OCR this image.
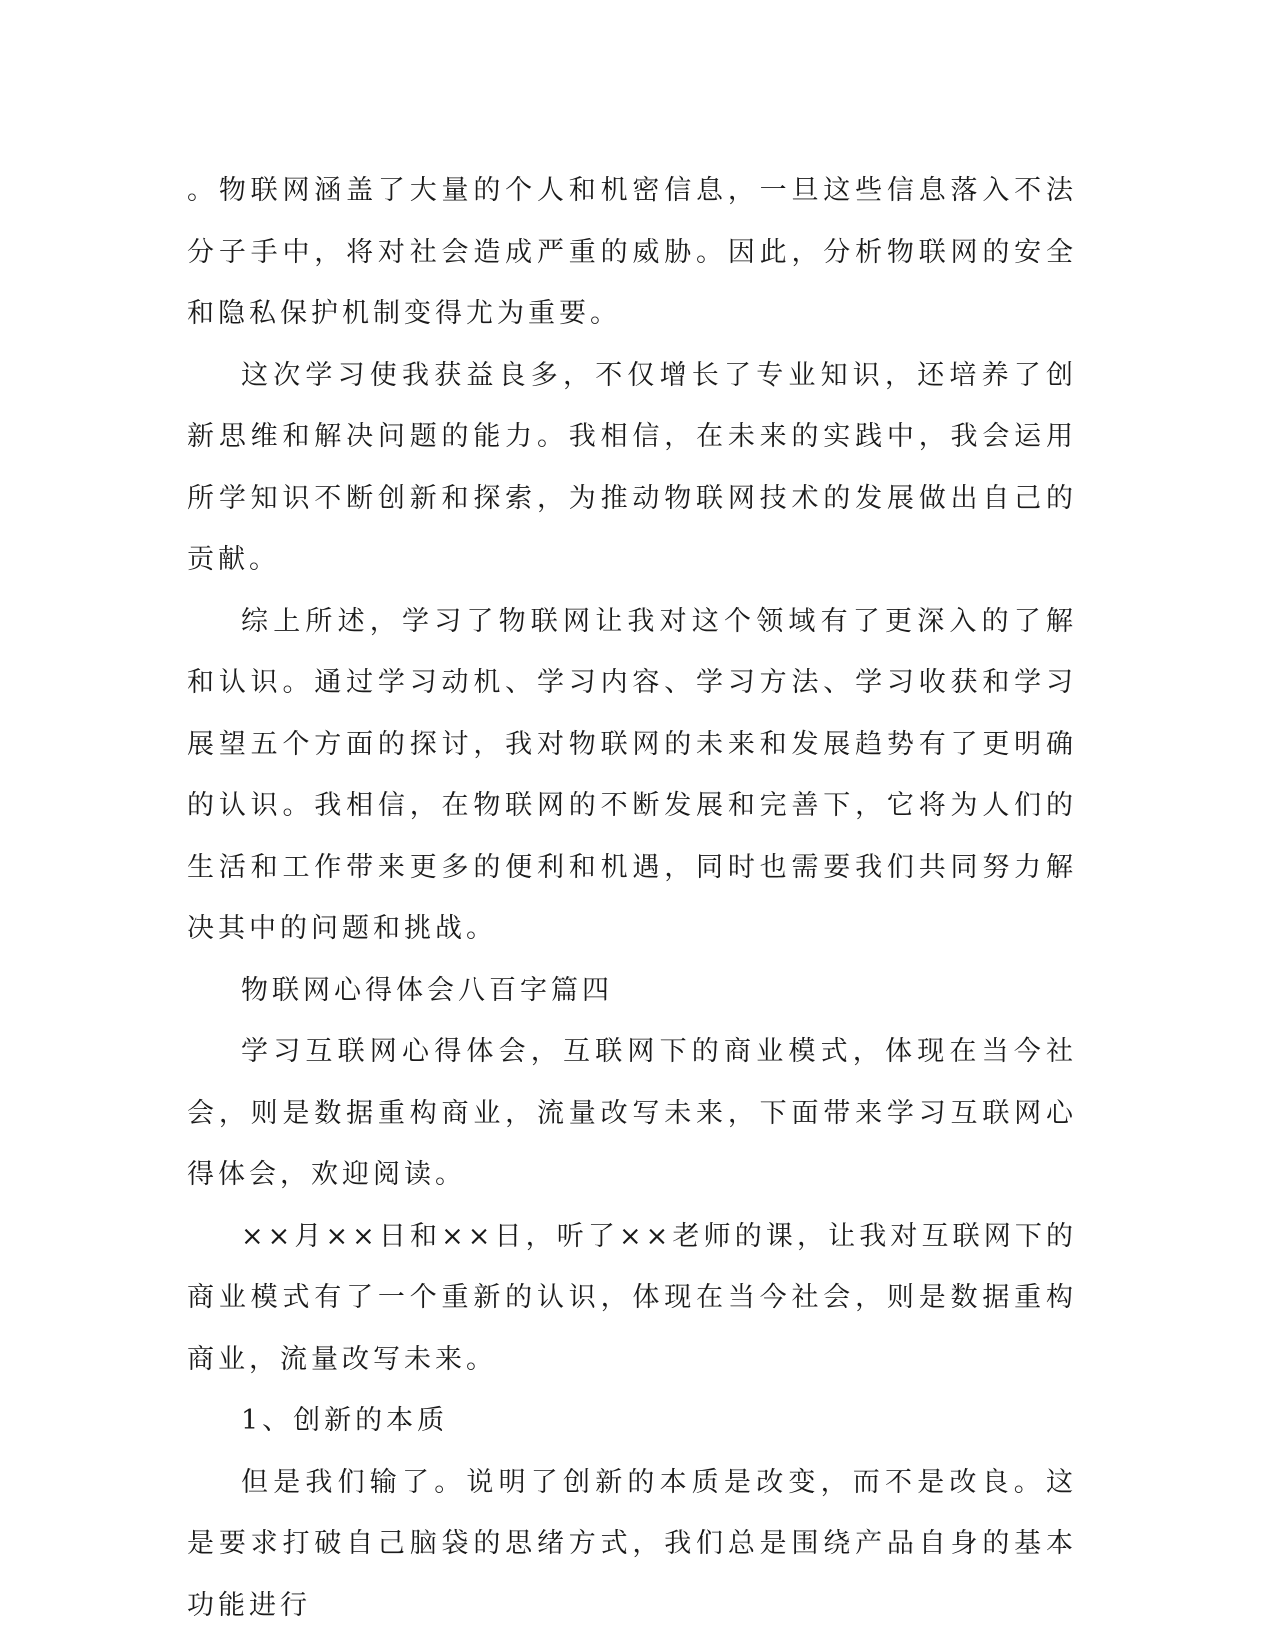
。物联网涵盖了大量的个人和机密信息，一旦这些信息落入不法分子手中，将对社会造成严重的威胁。因此，分析物联网的安全和隐私保护机制变得尤为重要。

这次学习使我获益良多，不仅增长了专业知识，还培养了创新思维和解决问题的能力。我相信，在未来的实践中，我会运用所学知识不断创新和探索，为推动物联网技术的发展做出自己的贡献。

综上所述，学习了物联网让我对这个领域有了更深入的了解和认识。通过学习动机、学习内容、学习方法、学习收获和学习展望五个方面的探讨，我对物联网的未来和发展趋势有了更明确的认识。我相信，在物联网的不断发展和完善下，它将为人们的生活和工作带来更多的便利和机遇，同时也需要我们共同努力解决其中的问题和挑战。

物联网心得体会八百字篇四

学习互联网心得体会，互联网下的商业模式，体现在当今社会，则是数据重构商业，流量改写未来，下面带来学习互联网心得体会，欢迎阅读。

××月××日和××日，听了××老师的课，让我对互联网下的商业模式有了一个重新的认识，体现在当今社会，则是数据重构商业，流量改写未来。

1、创新的本质

但是我们输了。说明了创新的本质是改变，而不是改良。这是要求打破自己脑袋的思绪方式，我们总是围绕产品自身的基本功能进行
